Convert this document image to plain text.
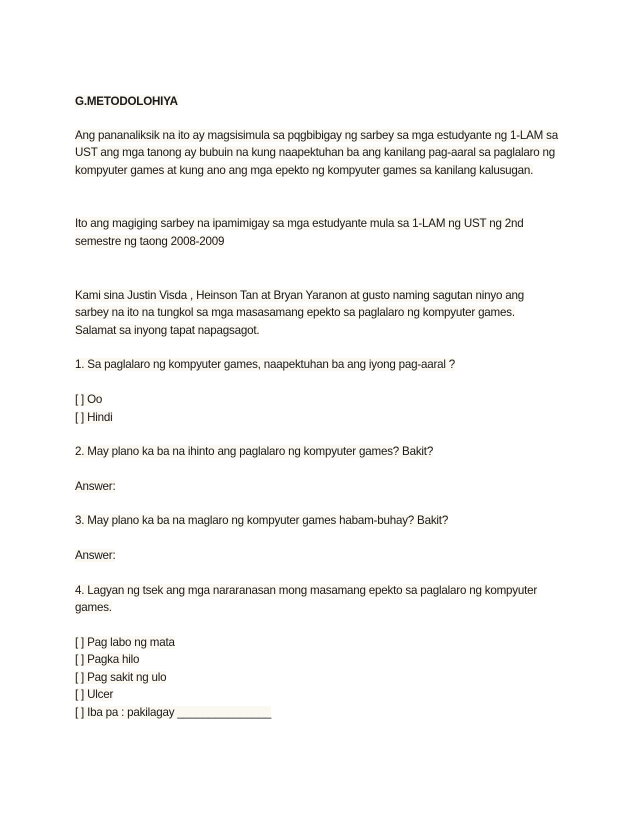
G.METODOLOHIYA

Ang pananaliksik na ito ay magsisimula sa pqgbibigay ng sarbey sa mga estudyante ng 1-LAM sa
UST ang mga tanong ay bubuin na kung naapektuhan ba ang kanilang pag-aaral sa paglalaro ng
kompyuter games at kung ano ang mga epekto ng kompyuter games sa kanilang kalusugan.

Ito ang magiging sarbey na ipamimigay sa mga estudyante mula sa 1-LAM ng UST ng 2nd
semestre ng taong 2008-2009

Kami sina Justin Visda , Heinson Tan at Bryan Yaranon at gusto naming sagutan ninyo ang
sarbey na ito na tungkol sa mga masasamang epekto sa paglalaro ng kompyuter games.
Salamat sa inyong tapat napagsagot.

1. Sa paglalaro ng kompyuter games, naapektuhan ba ang iyong pag-aaral ?

[ ] Oo
[ ] Hindi

2. May plano ka ba na ihinto ang paglalaro ng kompyuter games? Bakit?

Answer:

3. May plano ka ba na maglaro ng kompyuter games habam-buhay? Bakit?

Answer:

4. Lagyan ng tsek ang mga nararanasan mong masamang epekto sa paglalaro ng kompyuter
games.

[ ] Pag labo ng mata
[ ] Pagka hilo
[ ] Pag sakit ng ulo
[ ] Ulcer
[ ] Iba pa : pakilagay _______________
